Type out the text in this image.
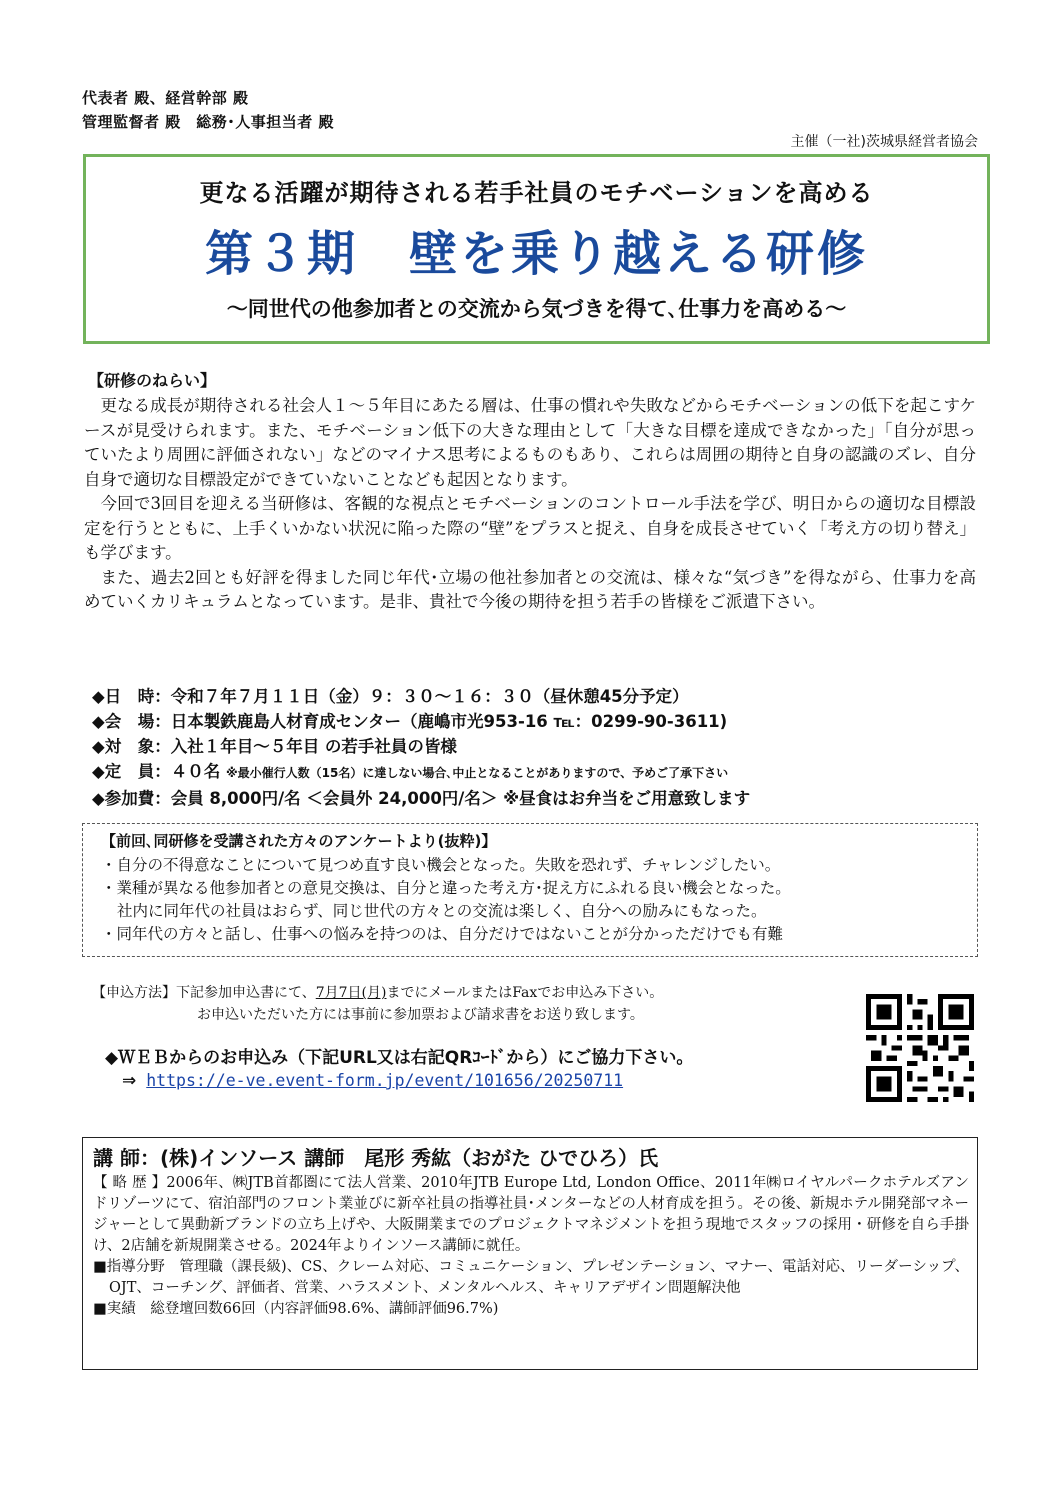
代表者 殿、経営幹部 殿
管理監督者 殿　総務･人事担当者 殿
主催（一社)茨城県経営者協会
更なる活躍が期待される若手社員のモチベーションを高める
第３期　壁を乗り越える研修
～同世代の他参加者との交流から気づきを得て､仕事力を高める～
【研修のねらい】

更なる成長が期待される社会人１～５年目にあたる層は、仕事の慣れや失敗などからモチベーションの低下を起こすケースが見受けられます。また、モチベーション低下の大きな理由として「大きな目標を達成できなかった」「自分が思っていたより周囲に評価されない」などのマイナス思考によるものもあり、これらは周囲の期待と自身の認識のズレ、自分自身で適切な目標設定ができていないことなども起因となります。

今回で3回目を迎える当研修は、客観的な視点とモチベーションのコントロール手法を学び、明日からの適切な目標設定を行うとともに、上手くいかない状況に陥った際の“壁”をプラスと捉え、自身を成長させていく「考え方の切り替え」も学びます。

また、過去2回とも好評を得ました同じ年代･立場の他社参加者との交流は、様々な“気づき”を得ながら、仕事力を高めていくカリキュラムとなっています。是非、貴社で今後の期待を担う若手の皆様をご派遣下さい。

◆日　時：令和７年７月１１日（金）９：３０～１６：３０（昼休憩45分予定）
◆会　場：日本製鉄鹿島人材育成センター（鹿嶋市光953-16 ℡：0299-90-3611)
◆対　象：入社１年目～５年目 の若手社員の皆様
◆定　員：４０名 ※最小催行人数（15名）に達しない場合､中止となることがありますので、予めご了承下さい
◆参加費：会員 8,000円/名 ＜会員外 24,000円/名＞ ※昼食はお弁当をご用意致します
【前回､同研修を受講された方々のアンケートより(抜粋)】
・自分の不得意なことについて見つめ直す良い機会となった。失敗を恐れず、チャレンジしたい。
・業種が異なる他参加者との意見交換は、自分と違った考え方･捉え方にふれる良い機会となった。
社内に同年代の社員はおらず、同じ世代の方々との交流は楽しく、自分への励みにもなった。
・同年代の方々と話し、仕事への悩みを持つのは、自分だけではないことが分かっただけでも有難
【申込方法】下記参加申込書にて、7月7日(月)までにメールまたはFaxでお申込み下さい。
お申込いただいた方には事前に参加票および請求書をお送り致します。
◆ＷＥＢからのお申込み（下記URL又は右記QRｺｰﾄﾞから）にご協力下さい。
⇒ https://e-ve.event-form.jp/event/101656/20250711
講 師：(株)インソース 講師　尾形 秀紘（おがた ひでひろ）氏

【 略 歴 】2006年、㈱JTB首都圏にて法人営業、2010年JTB Europe Ltd, London Office、2011年㈱ロイヤルパークホテルズアンドリゾーツにて、宿泊部門のフロント業並びに新卒社員の指導社員･メンターなどの人材育成を担う。その後、新規ホテル開発部マネージャーとして異動新ブランドの立ち上げや、大阪開業までのプロジェクトマネジメントを担う現地でスタッフの採用・研修を自ら手掛け、2店舗を新規開業させる。2024年よりインソース講師に就任。

■指導分野　管理職（課長級)、CS、クレーム対応、コミュニケーション、プレゼンテーション、マナー、電話対応、リーダーシップ、OJT、コーチング、評価者、営業、ハラスメント、メンタルヘルス、キャリアデザイン問題解決他

■実績　総登壇回数66回（内容評価98.6%、講師評価96.7%)
